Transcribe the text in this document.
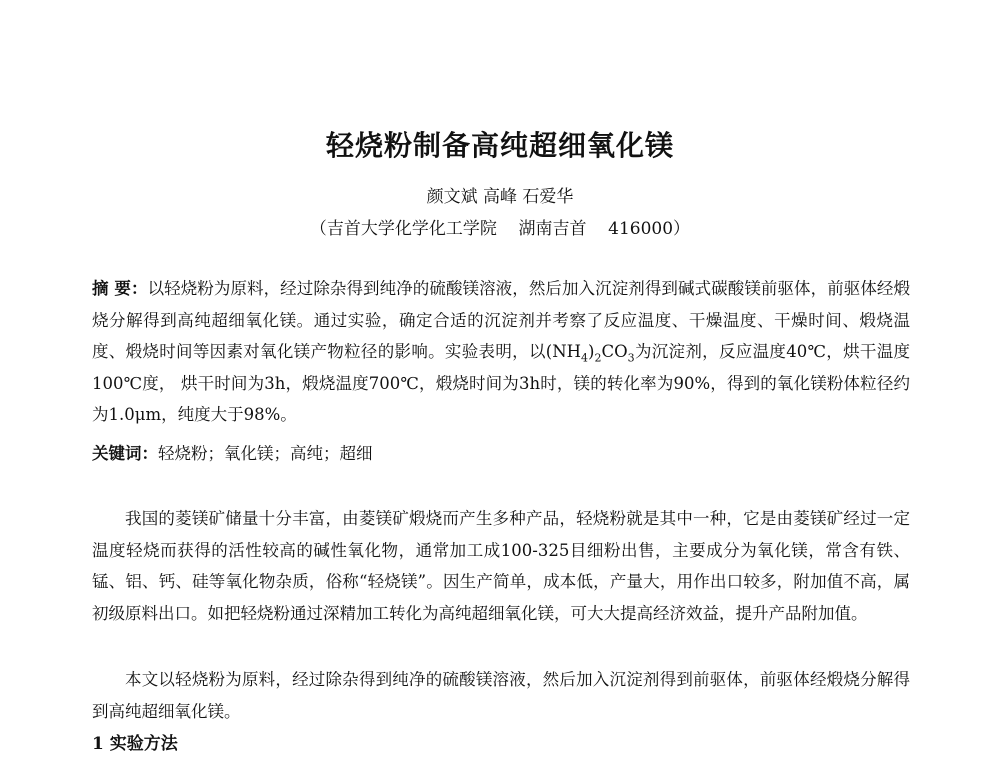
轻烧粉制备高纯超细氧化镁
颜文斌 高峰 石爱华
（吉首大学化学化工学院    湖南吉首    416000）

摘 要：以轻烧粉为原料，经过除杂得到纯净的硫酸镁溶液，然后加入沉淀剂得到碱式碳酸镁前驱体，前驱体经煅烧分解得到高纯超细氧化镁。通过实验，确定合适的沉淀剂并考察了反应温度、干燥温度、干燥时间、煅烧温度、煅烧时间等因素对氧化镁产物粒径的影响。实验表明，以$(NH_4)_2CO_3$为沉淀剂，反应温度40℃，烘干温度100℃度， 烘干时间为3h，煅烧温度700℃，煅烧时间为3h时，镁的转化率为90%，得到的氧化镁粉体粒径约为1.0μm，纯度大于98%。

关键词：轻烧粉；氧化镁；高纯；超细

我国的菱镁矿储量十分丰富，由菱镁矿煅烧而产生多种产品，轻烧粉就是其中一种，它是由菱镁矿经过一定温度轻烧而获得的活性较高的碱性氧化物，通常加工成100-325目细粉出售，主要成分为氧化镁，常含有铁、锰、铝、钙、硅等氧化物杂质，俗称“轻烧镁”。因生产简单，成本低，产量大，用作出口较多，附加值不高，属初级原料出口。如把轻烧粉通过深精加工转化为高纯超细氧化镁，可大大提高经济效益，提升产品附加值。

本文以轻烧粉为原料，经过除杂得到纯净的硫酸镁溶液，然后加入沉淀剂得到前驱体，前驱体经煅烧分解得到高纯超细氧化镁。

1 实验方法
